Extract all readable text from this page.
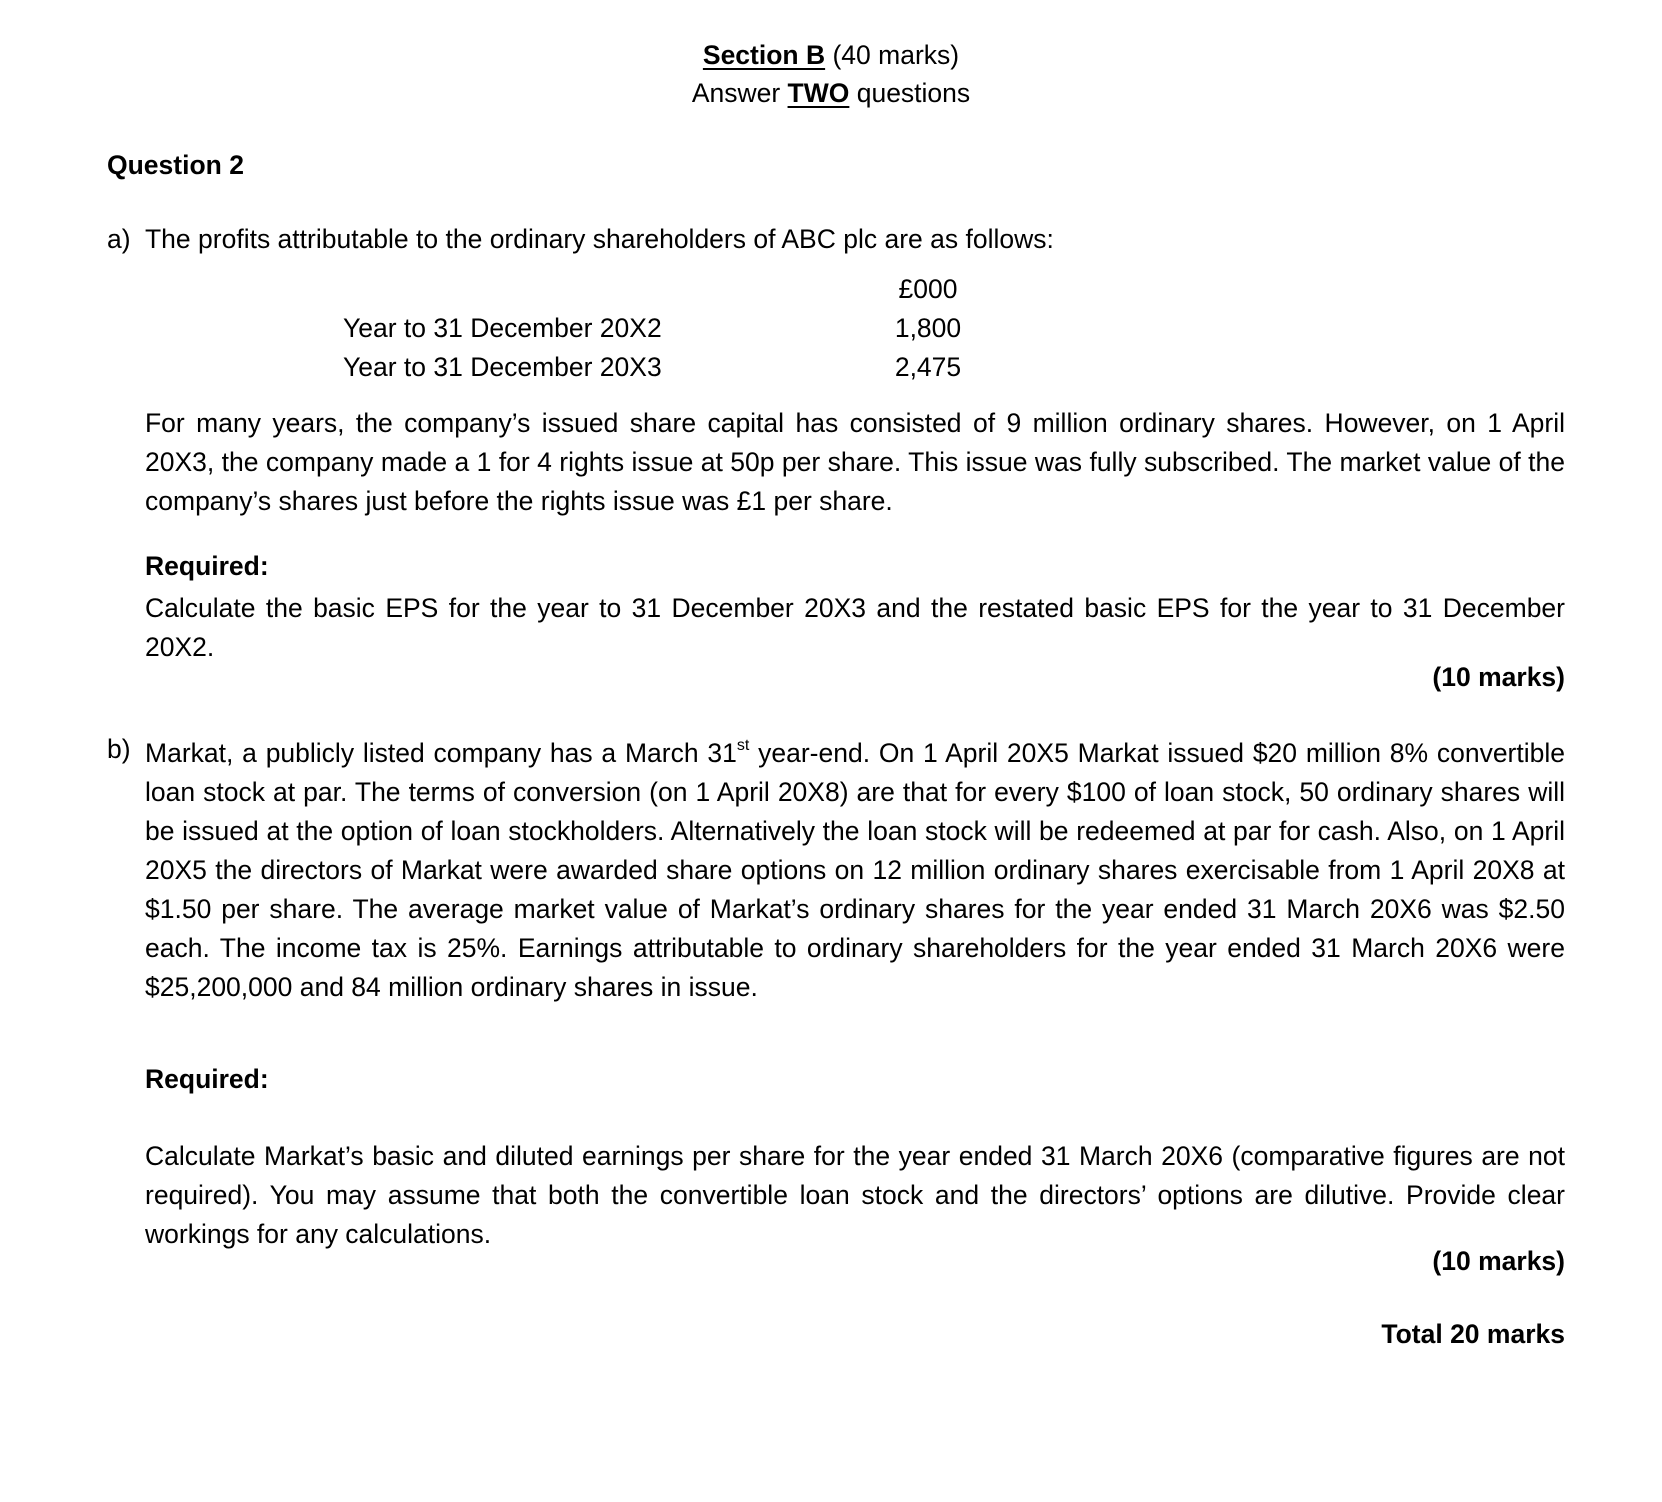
Section B (40 marks)

Answer TWO questions

Question 2

a) The profits attributable to the ordinary shareholders of ABC plc are as follows:

	£000
Year to 31 December 20X2	1,800
Year to 31 December 20X3	2,475

For many years, the company’s issued share capital has consisted of 9 million ordinary shares. However, on 1 April 20X3, the company made a 1 for 4 rights issue at 50p per share. This issue was fully subscribed. The market value of the company’s shares just before the rights issue was £1 per share.

Required:

Calculate the basic EPS for the year to 31 December 20X3 and the restated basic EPS for the year to 31 December 20X2.

(10 marks)

b) Markat, a publicly listed company has a March 31st year-end. On 1 April 20X5 Markat issued $20 million 8% convertible loan stock at par. The terms of conversion (on 1 April 20X8) are that for every $100 of loan stock, 50 ordinary shares will be issued at the option of loan stockholders. Alternatively the loan stock will be redeemed at par for cash. Also, on 1 April 20X5 the directors of Markat were awarded share options on 12 million ordinary shares exercisable from 1 April 20X8 at $1.50 per share. The average market value of Markat’s ordinary shares for the year ended 31 March 20X6 was $2.50 each. The income tax is 25%. Earnings attributable to ordinary shareholders for the year ended 31 March 20X6 were $25,200,000 and 84 million ordinary shares in issue.

Required:

Calculate Markat’s basic and diluted earnings per share for the year ended 31 March 20X6 (comparative figures are not required). You may assume that both the convertible loan stock and the directors’ options are dilutive. Provide clear workings for any calculations.

(10 marks)

Total 20 marks
